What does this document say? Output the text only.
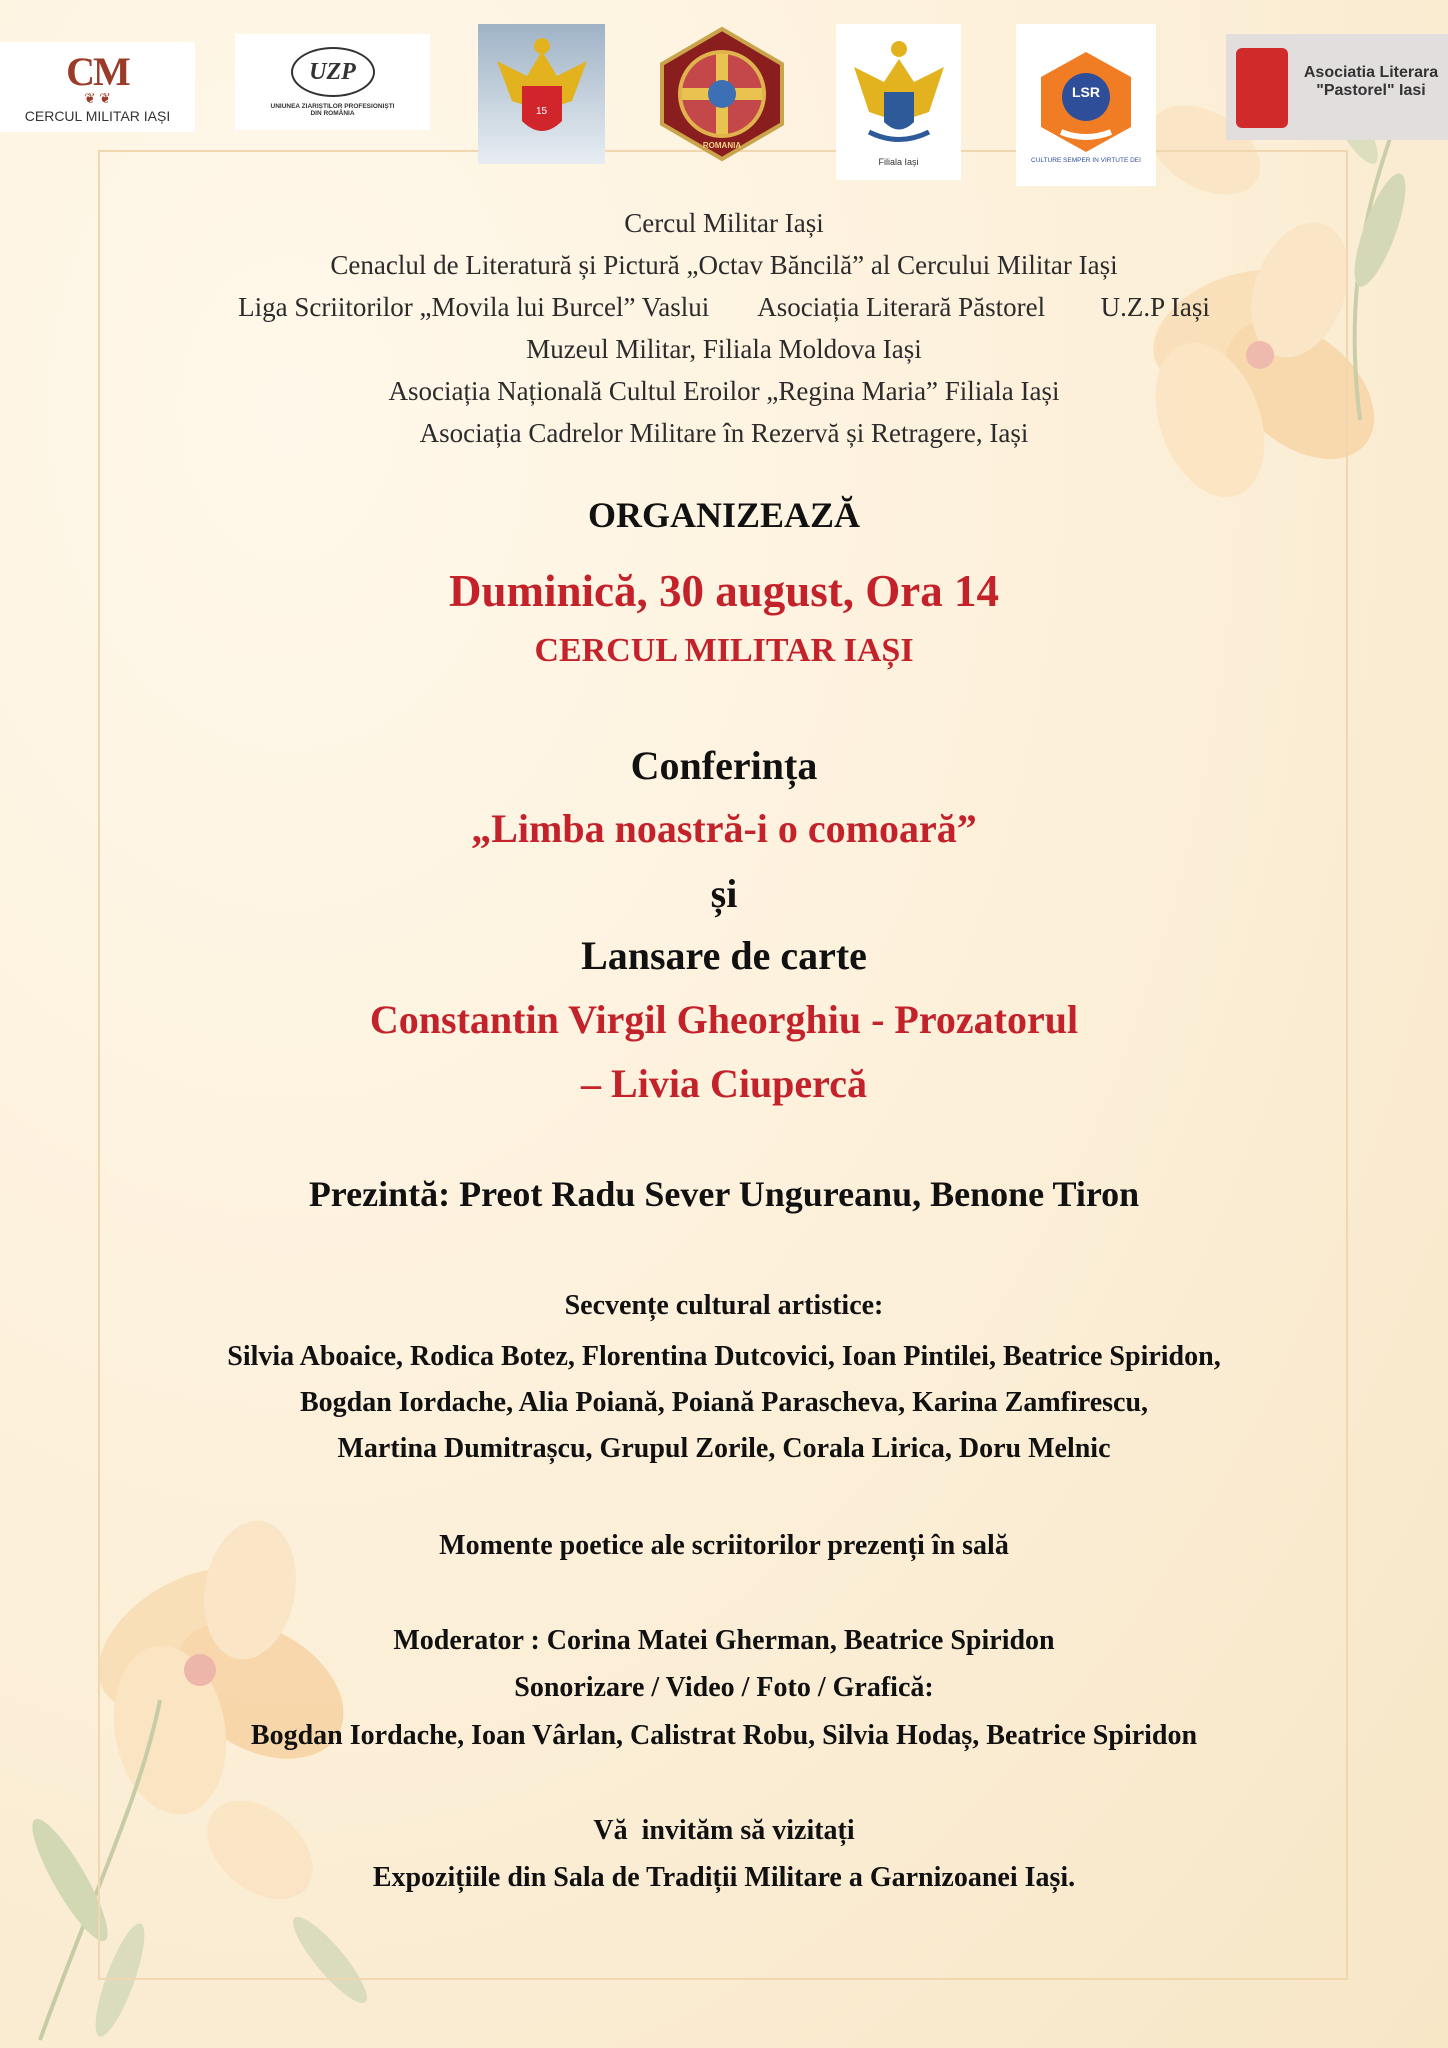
CM
❦ ❦
CERCUL MILITAR IAȘI
UZP
UNIUNEA ZIARIȘTILOR PROFESIONIȘTI
DIN ROMÂNIA	15
ROMANIA
Filiala Iași
LSR
CULTURE SEMPER IN VIRTUTE DEI
Asociatia Literara
"Pastorel" Iasi
Cercul Militar Iași
Cenaclul de Literatură și Pictură „Octav Băncilă” al Cercului Militar Iași
Liga Scriitorilor „Movila lui Burcel” Vaslui Asociația Literară Păstorel U.Z.P Iași
Muzeul Militar, Filiala Moldova Iași
Asociația Națională Cultul Eroilor „Regina Maria” Filiala Iași
Asociația Cadrelor Militare în Rezervă și Retragere, Iași
ORGANIZEAZĂ
Duminică, 30 august, Ora 14
CERCUL MILITAR IAȘI
Conferința
„Limba noastră-i o comoară”
și
Lansare de carte
Constantin Virgil Gheorghiu - Prozatorul
– Livia Ciupercă
Prezintă: Preot Radu Sever Ungureanu, Benone Tiron
Secvențe cultural artistice:
Silvia Aboaice, Rodica Botez, Florentina Dutcovici, Ioan Pintilei, Beatrice Spiridon,
Bogdan Iordache, Alia Poiană, Poiană Parascheva, Karina Zamfirescu,
Martina Dumitrașcu, Grupul Zorile, Corala Lirica, Doru Melnic
Momente poetice ale scriitorilor prezenți în sală
Moderator : Corina Matei Gherman, Beatrice Spiridon
Sonorizare / Video / Foto / Grafică:
Bogdan Iordache, Ioan Vârlan, Calistrat Robu, Silvia Hodaș, Beatrice Spiridon
Vă  invităm să vizitați
Expozițiile din Sala de Tradiții Militare a Garnizoanei Iași.
